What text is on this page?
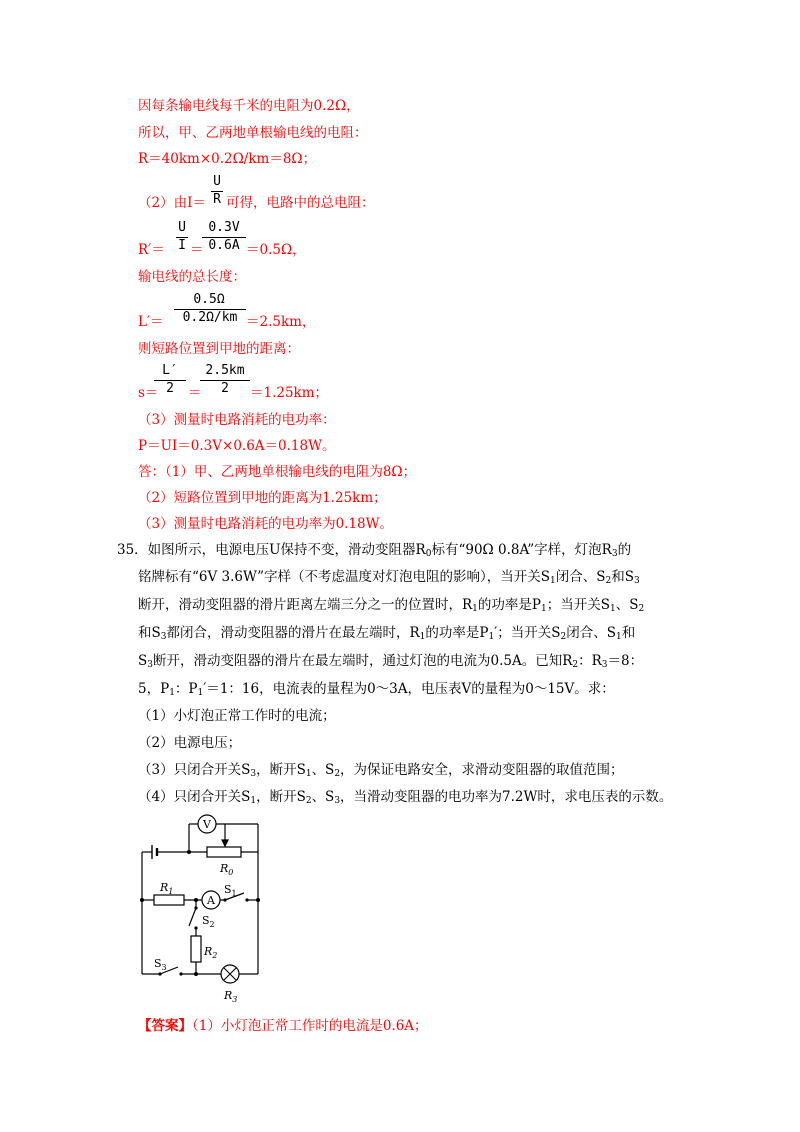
因每条输电线每千米的电阻为0.2Ω，
所以，甲、乙两地单根输电线的电阻：
R＝40km×0.2Ω/km＝8Ω；
（2）由I＝
U
R 可得，电路中的总电阻：
R′＝
U
I ＝
0.3V
0.6A ＝0.5Ω，
输电线的总长度：
L′＝
0.5Ω
0.2Ω/km ＝2.5km，
则短路位置到甲地的距离：
s＝
L′
2	＝
2.5km
2	＝1.25km；
（3）测量时电路消耗的电功率：
P＝UI＝0.3V×0.6A＝0.18W。
答：（1）甲、乙两地单根输电线的电阻为8Ω；
（2）短路位置到甲地的距离为1.25km；
（3）测量时电路消耗的电功率为0.18W。
35．如图所示，电源电压U保持不变，滑动变阻器$R_0$标有“90Ω 0.8A”字样，灯泡$R_3$的
铭牌标有“6V 3.6W”字样（不考虑温度对灯泡电阻的影响），当开关$S_1$闭合、$S_2$和$S_3$
断开，滑动变阻器的滑片距离左端三分之一的位置时，$R_1$的功率是$P_1$；当开关$S_1$、$S_2$
和$S_3$都闭合，滑动变阻器的滑片在最左端时，$R_1$的功率是$P_1'$；当开关$S_2$闭合、$S_1$和
$S_3$断开，滑动变阻器的滑片在最左端时，通过灯泡的电流为0.5A。已知$R_2$：$R_3=8$：
5，$P_1$：$P_1'=1$：16，电流表的量程为0～3A，电压表V的量程为0～15V。求：
（1）小灯泡正常工作时的电流；
（2）电源电压；
（3）只闭合开关$S_3$，断开$S_1$、$S_2$，为保证电路安全，求滑动变阻器的取值范围；
（4）只闭合开关$S_1$，断开$S_2$、$S_3$，当滑动变阻器的电功率为7.2W时，求电压表的示数。
V
A
$R_0$
$R_1$	$S_1$
$S_2$
$R_2$
$S_3$
$R_3$
【答案】（1）小灯泡正常工作时的电流是0.6A；
